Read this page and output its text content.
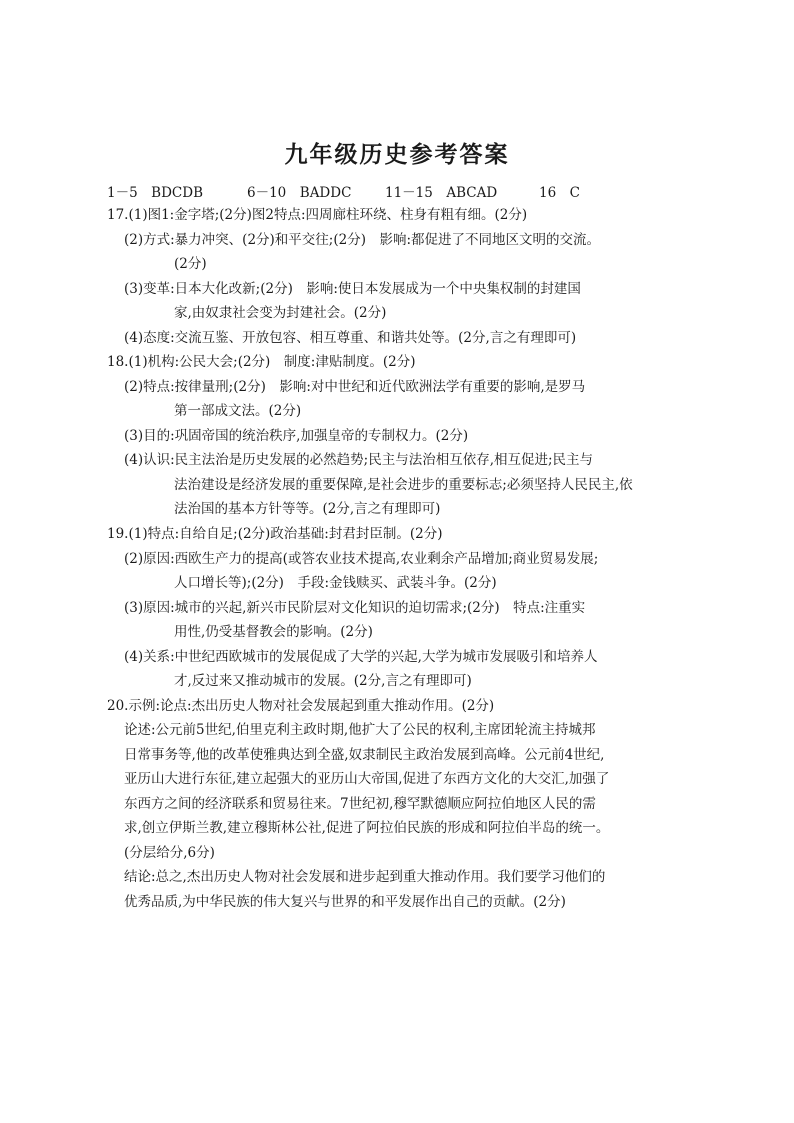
九年级历史参考答案
1－5　BDCDB	6－10　BADDC 11－15　ABCAD	16　C
17.(1)图1:金字塔;(2分)图2特点:四周廊柱环绕、柱身有粗有细。(2分)
(2)方式:暴力冲突、(2分)和平交往;(2分)　影响:都促进了不同地区文明的交流。
(2分)
(3)变革:日本大化改新;(2分)　影响:使日本发展成为一个中央集权制的封建国
家,由奴隶社会变为封建社会。(2分)
(4)态度:交流互鉴、开放包容、相互尊重、和谐共处等。(2分,言之有理即可)
18.(1)机构:公民大会;(2分)　制度:津贴制度。(2分)
(2)特点:按律量刑;(2分)　影响:对中世纪和近代欧洲法学有重要的影响,是罗马
第一部成文法。(2分)
(3)目的:巩固帝国的统治秩序,加强皇帝的专制权力。(2分)
(4)认识:民主法治是历史发展的必然趋势;民主与法治相互依存,相互促进;民主与
法治建设是经济发展的重要保障,是社会进步的重要标志;必须坚持人民民主,依
法治国的基本方针等等。(2分,言之有理即可)
19.(1)特点:自给自足;(2分)政治基础:封君封臣制。(2分)
(2)原因:西欧生产力的提高(或答农业技术提高,农业剩余产品增加;商业贸易发展;
人口增长等);(2分)　手段:金钱赎买、武装斗争。(2分)
(3)原因:城市的兴起,新兴市民阶层对文化知识的迫切需求;(2分)　特点:注重实
用性,仍受基督教会的影响。(2分)
(4)关系:中世纪西欧城市的发展促成了大学的兴起,大学为城市发展吸引和培养人
才,反过来又推动城市的发展。(2分,言之有理即可)
20.示例:论点:杰出历史人物对社会发展起到重大推动作用。(2分)
论述:公元前5世纪,伯里克利主政时期,他扩大了公民的权利,主席团轮流主持城邦
日常事务等,他的改革使雅典达到全盛,奴隶制民主政治发展到高峰。公元前4世纪,
亚历山大进行东征,建立起强大的亚历山大帝国,促进了东西方文化的大交汇,加强了
东西方之间的经济联系和贸易往来。7世纪初,穆罕默德顺应阿拉伯地区人民的需
求,创立伊斯兰教,建立穆斯林公社,促进了阿拉伯民族的形成和阿拉伯半岛的统一。
(分层给分,6分)
结论:总之,杰出历史人物对社会发展和进步起到重大推动作用。我们要学习他们的
优秀品质,为中华民族的伟大复兴与世界的和平发展作出自己的贡献。(2分)
